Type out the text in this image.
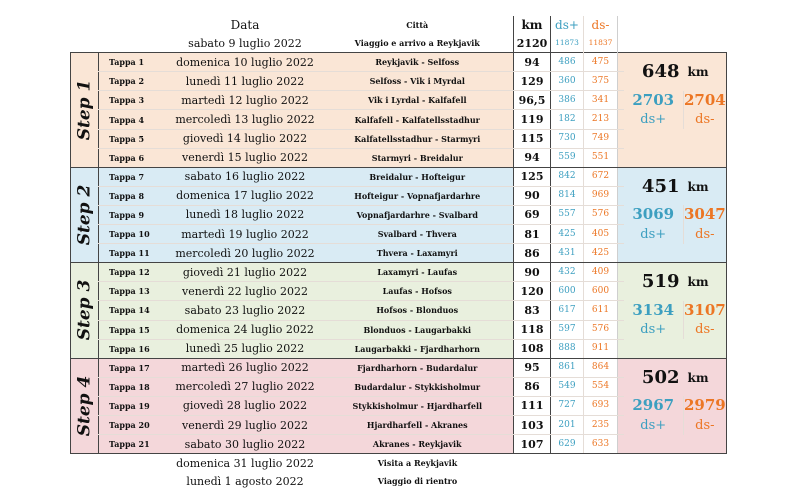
		Data	Città	km	ds+	ds-			
		sabato 9 luglio 2022	Viaggio e arrivo a Reykjavik	2120	11873	11837			

Step 1	Tappa 1	domenica 10 luglio 2022	Reykjavik - Selfoss	94	486	475		648	km
	Tappa 2	lunedì 11 luglio 2022	Selfoss - Vik i Myrdal	129	360	375			
	Tappa 3	martedì 12 luglio 2022	Vik i Lyrdal - Kalfafell	96,5	386	341		2703	2704
	Tappa 4	mercoledì 13 luglio 2022	Kalfafell - Kalfatellsstadhur	119	182	213		ds+	ds-
	Tappa 5	giovedì 14 luglio 2022	Kalfatellsstadhur - Starmyri	115	730	749			
	Tappa 6	venerdì 15 luglio 2022	Starmyri - Breidalur	94	559	551			

Step 2	Tappa 7	sabato 16 luglio 2022	Breidalur - Hofteigur	125	842	672		451	km
	Tappa 8	domenica 17 luglio 2022	Hofteigur - Vopnafjardarhre	90	814	969			
	Tappa 9	lunedì 18 luglio 2022	Vopnafjardarhre - Svalbard	69	557	576		3069	3047
	Tappa 10	martedì 19 luglio 2022	Svalbard - Thvera	81	425	405		ds+	ds-
	Tappa 11	mercoledì 20 luglio 2022	Thvera - Laxamyri	86	431	425			

Step 3	Tappa 12	giovedì 21 luglio 2022	Laxamyri - Laufas	90	432	409		519	km
	Tappa 13	venerdì 22 luglio 2022	Laufas - Hofsos	120	600	600			
	Tappa 14	sabato 23 luglio 2022	Hofsos - Blonduos	83	617	611		3134	3107
	Tappa 15	domenica 24 luglio 2022	Blonduos - Laugarbakki	118	597	576		ds+	ds-
	Tappa 16	lunedì 25 luglio 2022	Laugarbakki - Fjardharhorn	108	888	911			

Step 4	Tappa 17	martedì 26 luglio 2022	Fjardharhorn - Budardalur	95	861	864		502	km
	Tappa 18	mercoledì 27 luglio 2022	Budardalur - Stykkisholmur	86	549	554			
	Tappa 19	giovedì 28 luglio 2022	Stykkisholmur - Hjardharfell	111	727	693		2967	2979
	Tappa 20	venerdì 29 luglio 2022	Hjardharfell - Akranes	103	201	235		ds+	ds-
	Tappa 21	sabato 30 luglio 2022	Akranes - Reykjavik	107	629	633			
		domenica 31 luglio 2022	Visita a Reykjavik						
		lunedì 1 agosto 2022	Viaggio di rientro						
